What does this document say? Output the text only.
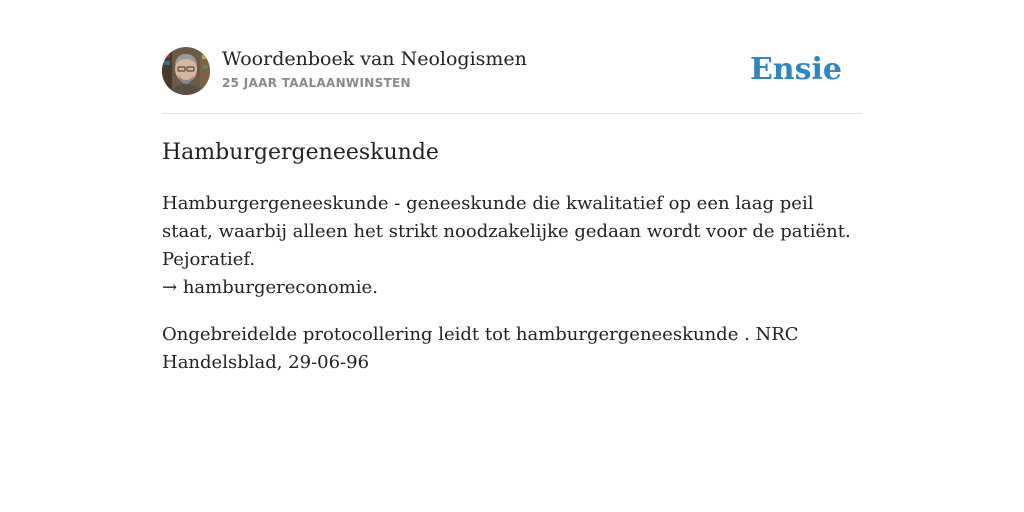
Woordenboek van Neologismen
25 JAAR TAALAANWINSTEN	Ensie
Hamburgergeneeskunde

Hamburgergeneeskunde - geneeskunde die kwalitatief op een laag peil staat, waarbij alleen het strikt noodzakelijke gedaan wordt voor de patiënt. Pejoratief.
→ hamburgereconomie.

Ongebreidelde protocollering leidt tot hamburgergeneeskunde . NRC Handelsblad, 29-06-96
